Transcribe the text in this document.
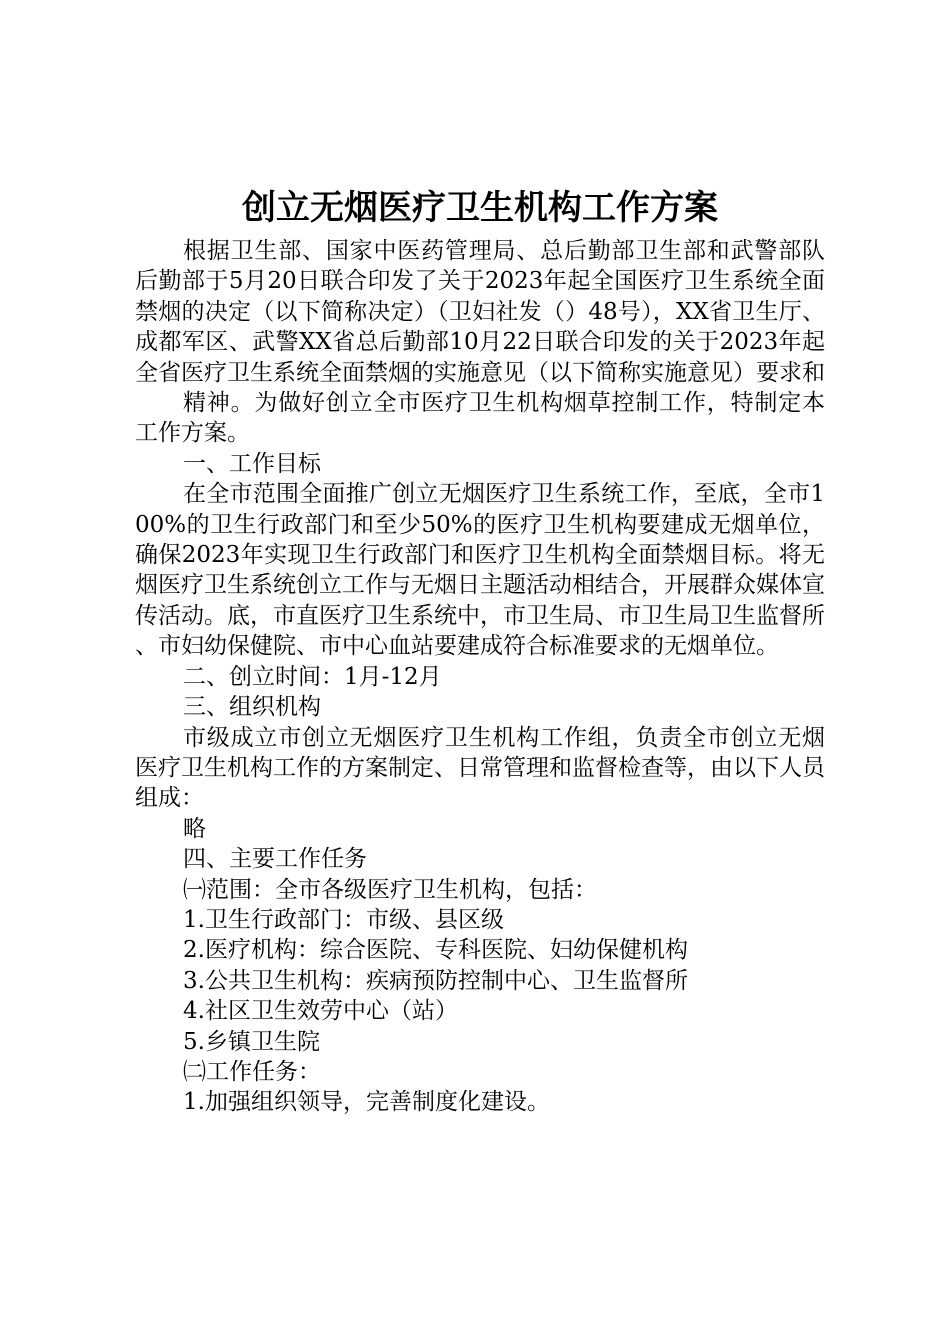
创立无烟医疗卫生机构工作方案

根据卫生部、国家中医药管理局、总后勤部卫生部和武警部队后勤部于5月20日联合印发了关于2023年起全国医疗卫生系统全面禁烟的决定（以下简称决定）（卫妇社发（）48号），XX省卫生厅、成都军区、武警XX省总后勤部10月22日联合印发的关于2023年起全省医疗卫生系统全面禁烟的实施意见（以下简称实施意见）要求和

精神。为做好创立全市医疗卫生机构烟草控制工作，特制定本工作方案。

一、工作目标

在全市范围全面推广创立无烟医疗卫生系统工作，至底，全市100%的卫生行政部门和至少50%的医疗卫生机构要建成无烟单位，确保2023年实现卫生行政部门和医疗卫生机构全面禁烟目标。将无烟医疗卫生系统创立工作与无烟日主题活动相结合，开展群众媒体宣传活动。底，市直医疗卫生系统中，市卫生局、市卫生局卫生监督所、市妇幼保健院、市中心血站要建成符合标准要求的无烟单位。

二、创立时间：1月-12月

三、组织机构

市级成立市创立无烟医疗卫生机构工作组，负责全市创立无烟医疗卫生机构工作的方案制定、日常管理和监督检查等，由以下人员组成：

略

四、主要工作任务

㈠范围：全市各级医疗卫生机构，包括：

1.卫生行政部门：市级、县区级

2.医疗机构：综合医院、专科医院、妇幼保健机构

3.公共卫生机构：疾病预防控制中心、卫生监督所

4.社区卫生效劳中心（站）

5.乡镇卫生院

㈡工作任务：

1.加强组织领导，完善制度化建设。
